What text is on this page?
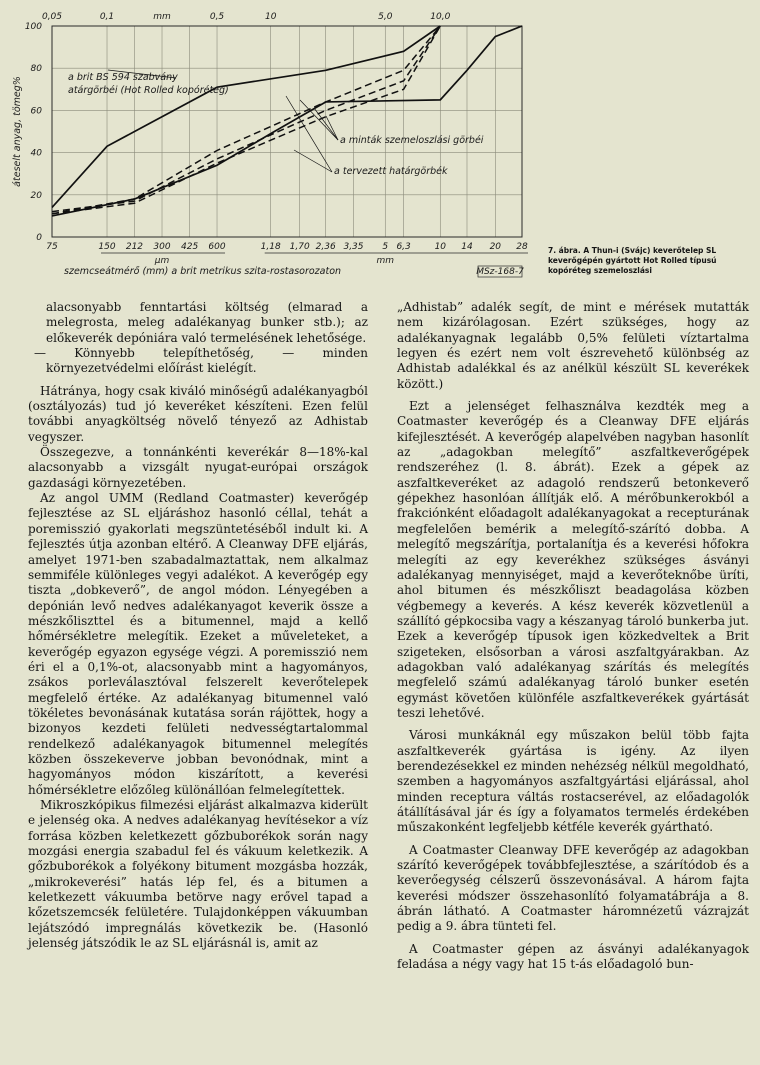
0
20
40
60
80
100
áteselt anyag, tömeg%
0,05	0,1	mm	0,5	10	5,0	10,0
75	150 212 300 425 600	1,18 1,70 2,36 3,35 5 6,3	10 14 20 28
µm	mm
szemcseátmérő (mm) a brit metrikus szita-rostasorozaton	MSz-168-7
a brit BS 594 szabvány
atárgörbéi (Hot Rolled kopóréteg)
a minták szemeloszlási görbéi
a tervezett határgörbék
7. ábra. A Thun-i (Svájc) keverőtelep SL keverőgépén gyártott Hot Rolled típusú kopóréteg szemeloszlási

alacsonyabb fenntartási költség (elmarad a melegrosta, meleg adalékanyag bunker stb.); az előkeverék depóniára való termelésének lehetősége.

— Könnyebb telepíthetőség, — minden környezetvédelmi előírást kielégít.

Hátránya, hogy csak kiváló minőségű adalékanyagból (osztályozás) tud jó keveréket készíteni. Ezen felül további anyagköltség növelő tényező az Adhistab vegyszer.

Összegezve, a tonnánkénti keverékár 8—18%-kal alacsonyabb a vizsgált nyugat-európai országok gazdasági környezetében.

Az angol UMM (Redland Coatmaster) keverőgép fejlesztése az SL eljáráshoz hasonló céllal, tehát a poremisszió gyakorlati megszüntetéséből indult ki. A fejlesztés útja azonban eltérő. A Cleanway DFE eljárás, amelyet 1971-ben szabadalmaztattak, nem alkalmaz semmiféle különleges vegyi adalékot. A keverőgép egy tiszta „dobkeverő”, de angol módon. Lényegében a depónián levő nedves adalékanyagot keverik össze a mészkőliszttel és a bitumennel, majd a kellő hőmérsékletre melegítik. Ezeket a műveleteket, a keverőgép egyazon egysége végzi. A poremisszió nem éri el a 0,1%-ot, alacsonyabb mint a hagyományos, zsákos porleválasztóval felszerelt keverőtelepek megfelelő értéke. Az adalékanyag bitumennel való tökéletes bevonásának kutatása során rájöttek, hogy a bizonyos kezdeti felületi nedvességtartalommal rendelkező adalékanyagok bitumennel melegítés közben összekeverve jobban bevonódnak, mint a hagyományos módon kiszárított, a keverési hőmérsékletre előzőleg különállóan felmelegítettek.

Mikroszkópikus filmezési eljárást alkalmazva kiderült e jelenség oka. A nedves adalékanyag hevítésekor a víz forrása közben keletkezett gőzbuborékok során nagy mozgási energia szabadul fel és vákuum keletkezik. A gőzbuborékok a folyékony bitument mozgásba hozzák, „mikrokeverési” hatás lép fel, és a bitumen a keletkezett vákuumba betörve nagy erővel tapad a kőzetszemcsék felületére. Tulajdonképpen vákuumban lejátszódó impregnálás következik be. (Hasonló jelenség játszódik le az SL eljárásnál is, amit az

„Adhistab” adalék segít, de mint e mérések mutatták nem kizárólagosan. Ezért szükséges, hogy az adalékanyagnak legalább 0,5% felületi víztartalma legyen és ezért nem volt észrevehető különbség az Adhistab adalékkal és az anélkül készült SL keverékek között.)

Ezt a jelenséget felhasználva kezdték meg a Coatmaster keverőgép és a Cleanway DFE eljárás kifejlesztését. A keverőgép alapelvében nagyban hasonlít az „adagokban melegítő” aszfaltkeverőgépek rendszeréhez (l. 8. ábrát). Ezek a gépek az aszfaltkeveréket az adagoló rendszerű betonkeverő gépekhez hasonlóan állítják elő. A mérőbunkerokból a frakciónként előadagolt adalékanyagokat a recepturának megfelelően bemérik a melegítő-szárító dobba. A melegítő megszárítja, portalanítja és a keverési hőfokra melegíti az egy keverékhez szükséges ásványi adalékanyag mennyiséget, majd a keverőteknőbe üríti, ahol bitumen és mészkőliszt beadagolása közben végbemegy a keverés. A kész keverék közvetlenül a szállító gépkocsiba vagy a készanyag tároló bunkerba jut. Ezek a keverőgép típusok igen közkedveltek a Brit szigeteken, elsősorban a városi aszfaltgyárakban. Az adagokban való adalékanyag szárítás és melegítés megfelelő számú adalékanyag tároló bunker esetén egymást követően különféle aszfaltkeverékek gyártását teszi lehetővé.

Városi munkáknál egy műszakon belül több fajta aszfaltkeverék gyártása is igény. Az ilyen berendezésekkel ez minden nehézség nélkül megoldható, szemben a hagyományos aszfaltgyártási eljárással, ahol minden receptura váltás rostacserével, az előadagolók átállításával jár és így a folyamatos termelés érdekében műszakonként legfeljebb kétféle keverék gyártható.

A Coatmaster Cleanway DFE keverőgép az adagokban szárító keverőgépek továbbfejlesztése, a szárítódob és a keverőegység célszerű összevonásával. A három fajta keverési módszer összehasonlító folyamatábrája a 8. ábrán látható. A Coatmaster háromnézetű vázrajzát pedig a 9. ábra tünteti fel.

A Coatmaster gépen az ásványi adalékanyagok feladása a négy vagy hat 15 t-ás előadagoló bun-
